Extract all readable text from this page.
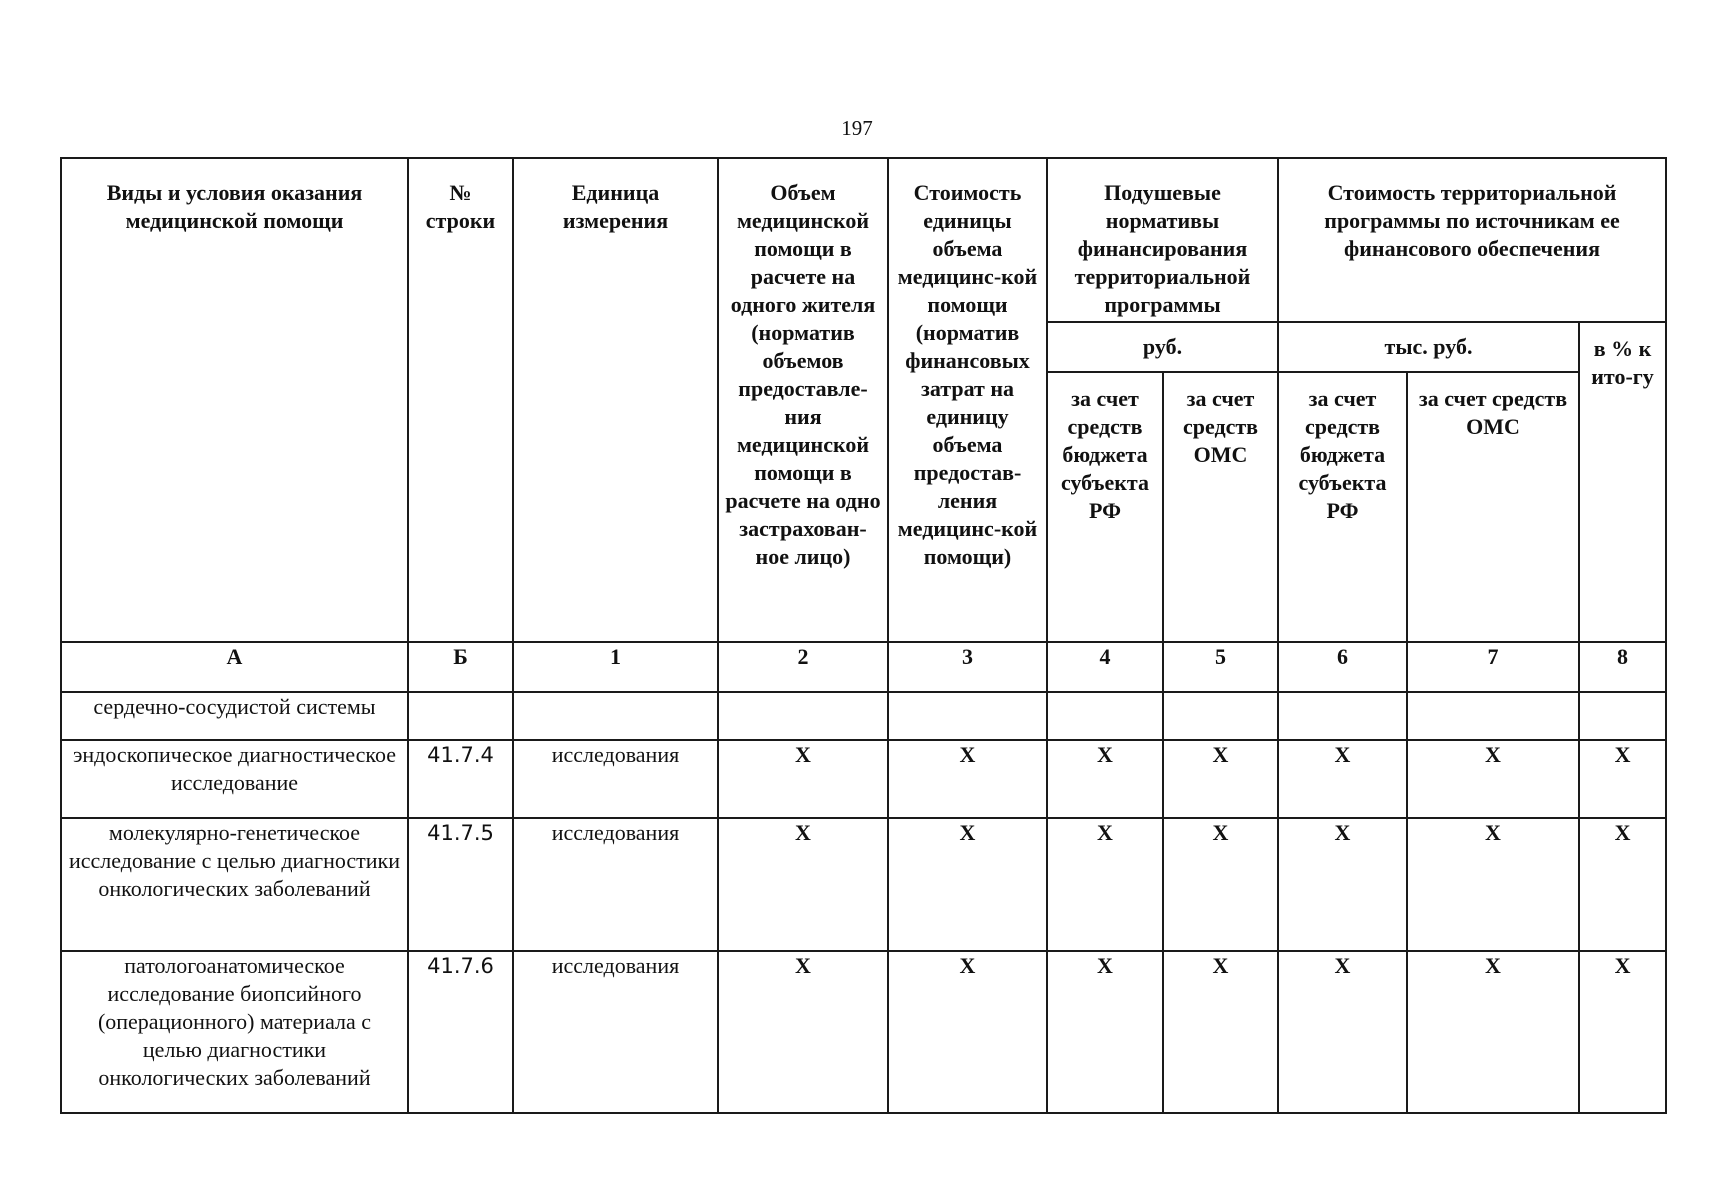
197
Виды и условия оказания медицинской помощи	№ строки	Единица измерения	Объем медицинской помощи в расчете на одного жителя (норматив объемов предоставле-ния медицинской помощи в расчете на одно застрахован-ное лицо)	Стоимость единицы объема медицинс-кой помощи (норматив финансовых затрат на единицу объема предостав-ления медицинс-кой помощи)	Подушевые нормативы финансирования территориальной программы		Стоимость территориальной программы по источникам ее финансового обеспечения		
					руб.		тыс. руб.		в % к ито-гу
					за счет средств бюджета субъекта РФ	за счет средств ОМС	за счет средств бюджета субъекта РФ	за счет средств ОМС	
А	Б	1	2	3	4	5	6	7	8
сердечно-сосудистой системы									
эндоскопическое диагностическое исследование	41.7.4	исследования	X	X	X	X	X	X	X
молекулярно-генетическое исследование с целью диагностики онкологических заболеваний	41.7.5	исследования	X	X	X	X	X	X	X
патологоанатомическое исследование биопсийного (операционного) материала с целью диагностики онкологических заболеваний	41.7.6	исследования	X	X	X	X	X	X	X
